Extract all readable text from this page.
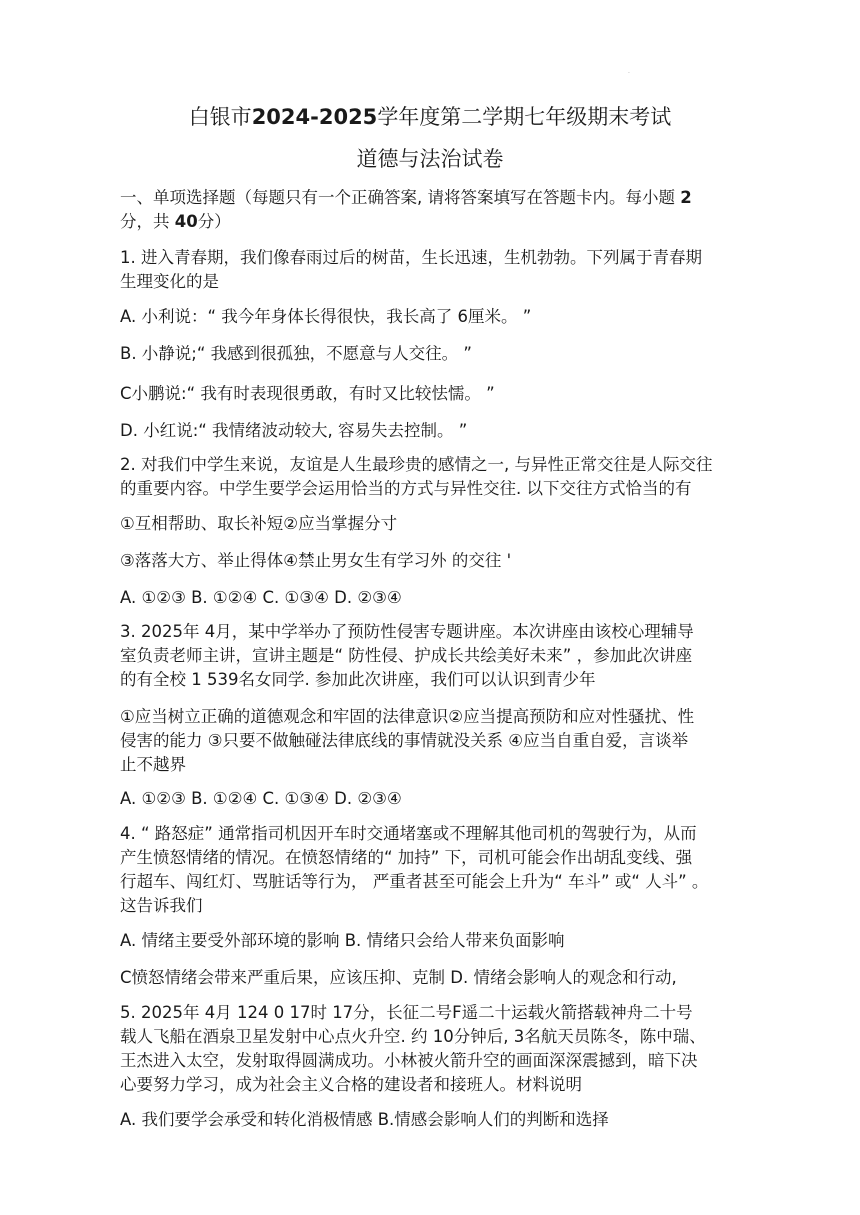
·
白银市2024-2025学年度第二学期七年级期末考试
道德与法治试卷

一、单项选择题（每题只有一个正确答案, 请将答案填写在答题卡内。每小题 2

分，共 40分）

1. 进入青春期，我们像春雨过后的树苗，生长迅速，生机勃勃。下列属于青春期

生理变化的是

A. 小利说：“ 我今年身体长得很快，我长高了 6厘米。 ”

B. 小静说;“ 我感到很孤独，不愿意与人交往。 ”

C小鹏说:“ 我有时表现很勇敢，有时又比较怯懦。 ”

D. 小红说:“ 我情绪波动较大, 容易失去控制。 ”

2. 对我们中学生来说，友谊是人生最珍贵的感情之一, 与异性正常交往是人际交往

的重要内容。中学生要学会运用恰当的方式与异性交往. 以下交往方式恰当的有

①互相帮助、取长补短②应当掌握分寸

③落落大方、举止得体④禁止男女生有学习外 的交往 '

A. ①②③ B. ①②④ C. ①③④ D. ②③④

3. 2025年 4月，某中学举办了预防性侵害专题讲座。本次讲座由该校心理辅导

室负责老师主讲，宣讲主题是“ 防性侵、护成长共绘美好未来” ，参加此次讲座

的有全校 1 539名女同学. 参加此次讲座，我们可以认识到青少年

①应当树立正确的道德观念和牢固的法律意识②应当提高预防和应对性骚扰、性

侵害的能力 ③只要不做触碰法律底线的事情就没关系 ④应当自重自爱，言谈举

止不越界

A. ①②③ B. ①②④ C. ①③④ D. ②③④

4. “ 路怒症” 通常指司机因开车时交通堵塞或不理解其他司机的驾驶行为，从而

产生愤怒情绪的情况。在愤怒情绪的“ 加持” 下，司机可能会作出胡乱变线、强

行超车、闯红灯、骂脏话等行为， 严重者甚至可能会上升为“ 车斗” 或“ 人斗” 。

这告诉我们

A. 情绪主要受外部环境的影响 B. 情绪只会给人带来负面影响

C愤怒情绪会带来严重后果，应该压抑、克制 D. 情绪会影响人的观念和行动,

5. 2025年 4月 124 0 17时 17分，长征二号F遥二十运载火箭搭载神舟二十号

载人飞船在酒泉卫星发射中心点火升空. 约 10分钟后, 3名航天员陈冬，陈中瑞、

王杰进入太空，发射取得圆满成功。小林被火箭升空的画面深深震撼到，暗下决

心要努力学习，成为社会主义合格的建设者和接班人。材料说明

A. 我们要学会承受和转化消极情感 B.情感会影响人们的判断和选择
